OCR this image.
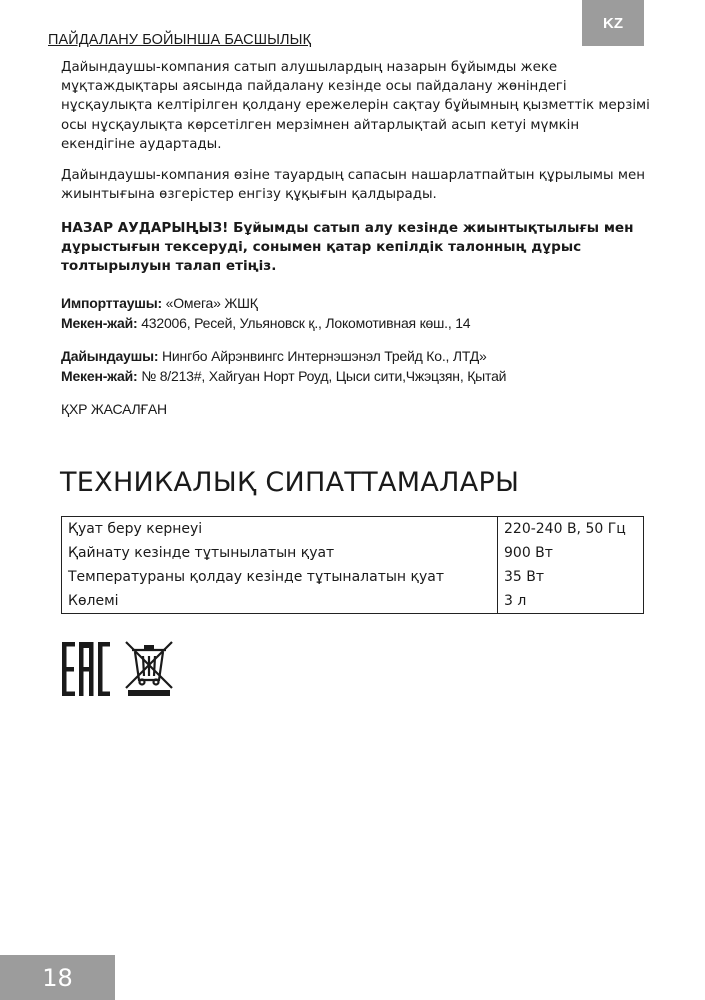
KZ
ПАЙДАЛАНУ БОЙЫНША БАСШЫЛЫҚ

Дайындаушы-компания сатып алушылардың назарын бұйымды жеке мұқтаждықтары аясында пайдалану кезінде осы пайдалану жөніндегі нұсқаулықта келтірілген қолдану ережелерін сақтау бұйымның қызметтік мерзімі осы нұсқаулықта көрсетілген мерзімнен айтарлықтай асып кетуі мүмкін екендігіне аудартады.

Дайындаушы-компания өзіне тауардың сапасын нашарлатпайтын құрылымы мен жиынтығына өзгерістер енгізу құқығын қалдырады.

НАЗАР АУДАРЫҢЫЗ! Бұйымды сатып алу кезінде жиынтықтылығы мен дұрыстығын тексеруді, сонымен қатар кепілдік талонның дұрыс толтырылуын талап етіңіз.

Импорттаушы: «Омега» ЖШҚ
Мекен-жай: 432006, Ресей, Ульяновск қ., Локомотивная көш., 14
Дайындаушы: Нингбо Айрэнвингс Интернэшэнэл Трейд Ко., ЛТД»
Мекен-жай: № 8/213#, Хайгуан Норт Роуд, Цыси сити,Чжэцзян, Қытай
ҚХР ЖАСАЛҒАН
ТЕХНИКАЛЫҚ СИПАТТАМАЛАРЫ
Қуат беру кернеуі	220-240 В, 50 Гц
Қайнату кезінде тұтынылатын қуат	900 Вт
Температураны қолдау кезінде тұтыналатын қуат	35 Вт
Көлемі	3 л
18
